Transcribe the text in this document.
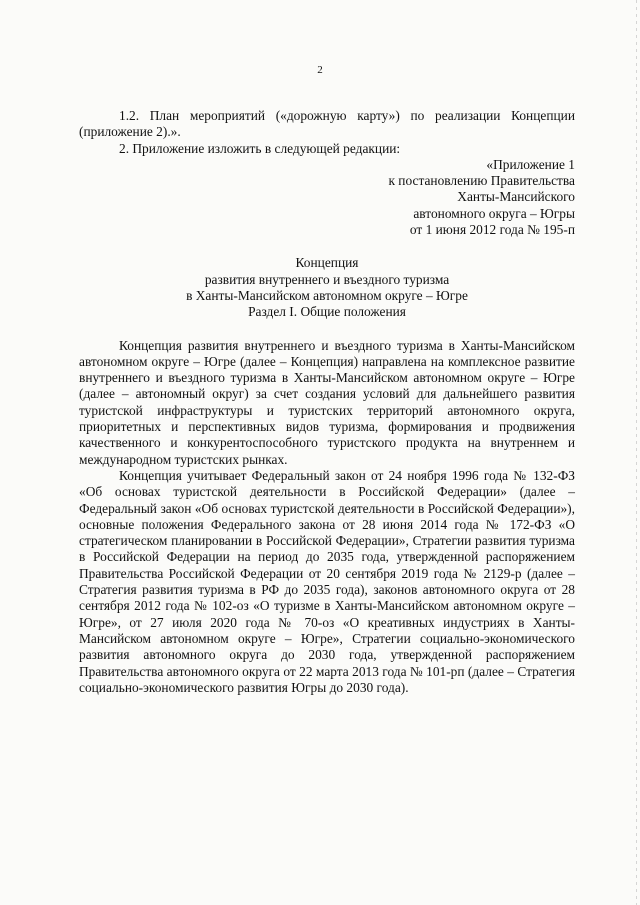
2

1.2. План мероприятий («дорожную карту») по реализации Концепции (приложение 2).».

2. Приложение изложить в следующей редакции:

«Приложение 1

к постановлению Правительства

Ханты-Мансийского

автономного округа – Югры

от 1 июня 2012 года № 195-п

Концепция

развития внутреннего и въездного туризма

в Ханты-Мансийском автономном округе – Югре

Раздел I. Общие положения

Концепция развития внутреннего и въездного туризма в Ханты-Мансийском автономном округе – Югре (далее – Концепция) направлена на комплексное развитие внутреннего и въездного туризма в Ханты-Мансийском автономном округе – Югре (далее – автономный округ) за счет создания условий для дальнейшего развития туристской инфраструктуры и туристских территорий автономного округа, приоритетных и перспективных видов туризма, формирования и продвижения качественного и конкурентоспособного туристского продукта на внутреннем и международном туристских рынках.

Концепция учитывает Федеральный закон от 24 ноября 1996 года № 132-ФЗ «Об основах туристской деятельности в Российской Федерации» (далее – Федеральный закон «Об основах туристской деятельности в Российской Федерации»), основные положения Федерального закона от 28 июня 2014 года № 172-ФЗ «О стратегическом планировании в Российской Федерации», Стратегии развития туризма в Российской Федерации на период до 2035 года, утвержденной распоряжением Правительства Российской Федерации от 20 сентября 2019 года № 2129-р (далее – Стратегия развития туризма в РФ до 2035 года), законов автономного округа от 28 сентября 2012 года № 102-оз «О туризме в Ханты-Мансийском автономном округе – Югре», от 27 июля 2020 года № 70-оз «О креативных индустриях в Ханты-Мансийском автономном округе – Югре», Стратегии социально-экономического развития автономного округа до 2030 года, утвержденной распоряжением Правительства автономного округа от 22 марта 2013 года № 101-рп (далее – Стратегия социально-экономического развития Югры до 2030 года).
